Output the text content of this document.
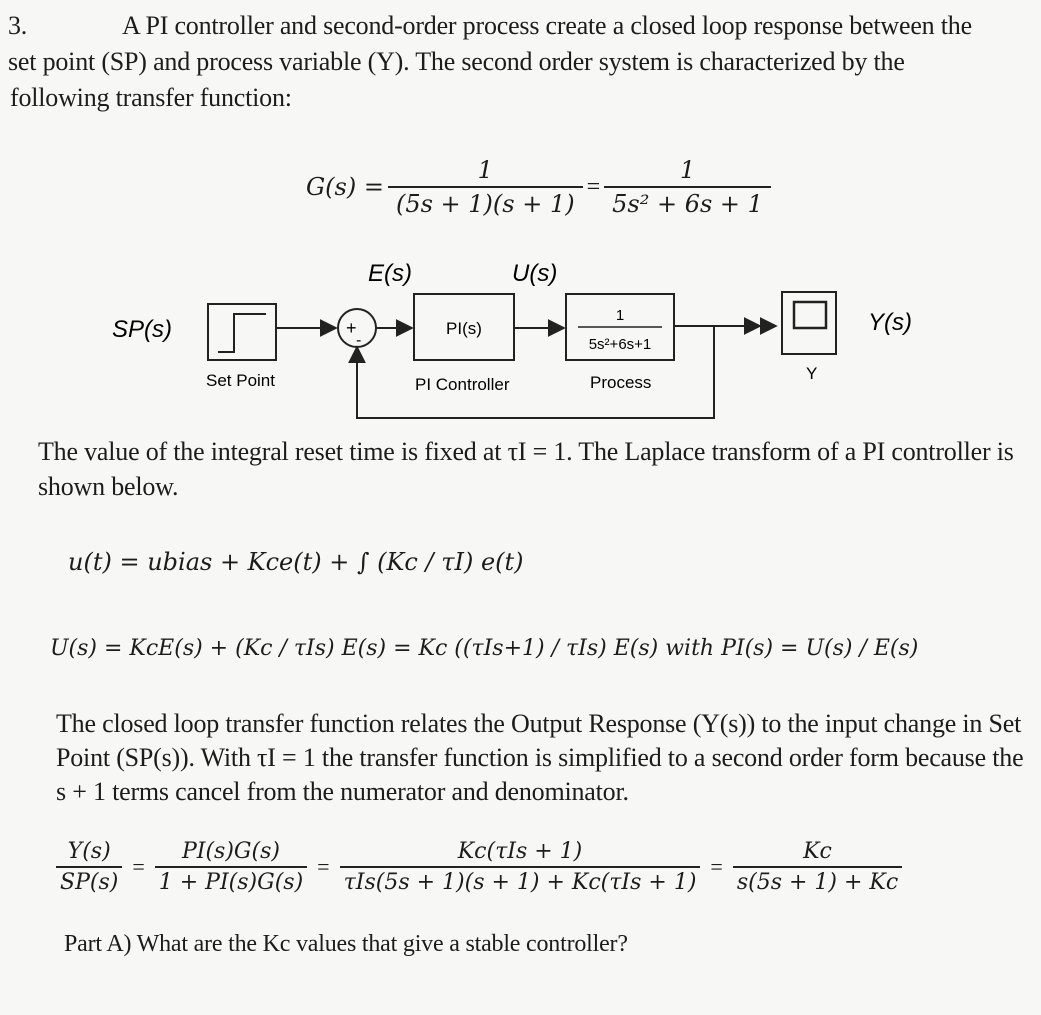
3.	A PI controller and second-order process create a closed loop response between the
set point (SP) and process variable (Y). The second order system is characterized by the
following transfer function:
$G(s) = \frac{1}{(5s + 1)(s + 1)} = \frac{1}{\text{5s² + 6s + 1}}$
E(s)	U(s)
SP(s)	Y(s)
Set Point
+
-
PI(s)
PI Controller
1
5s²+6s+1
Process	Y
The value of the integral reset time is fixed at τI = 1. The Laplace transform of a PI controller is
shown below.
u(t) = ubias + Kce(t) + ∫ (Kc / τI) e(t)
U(s) = KcE(s) + (Kc / τIs) E(s) = Kc ((τIs+1) / τIs) E(s) with PI(s) = U(s) / E(s)
The closed loop transfer function relates the Output Response (Y(s)) to the input change in Set
Point (SP(s)). With τI = 1 the transfer function is simplified to a second order form because the
s + 1 terms cancel from the numerator and denominator.
$\frac{Y(s)}{SP(s)} = \frac{PI(s)G(s)}{1 + PI(s)G(s)} = \frac{\text{Kc(τIs + 1)}}{\text{τIs(5s + 1)(s + 1) + Kc(τIs + 1)}} = \frac{Kc}{s(5s + 1) + Kc}$
Part A) What are the Kc values that give a stable controller?
